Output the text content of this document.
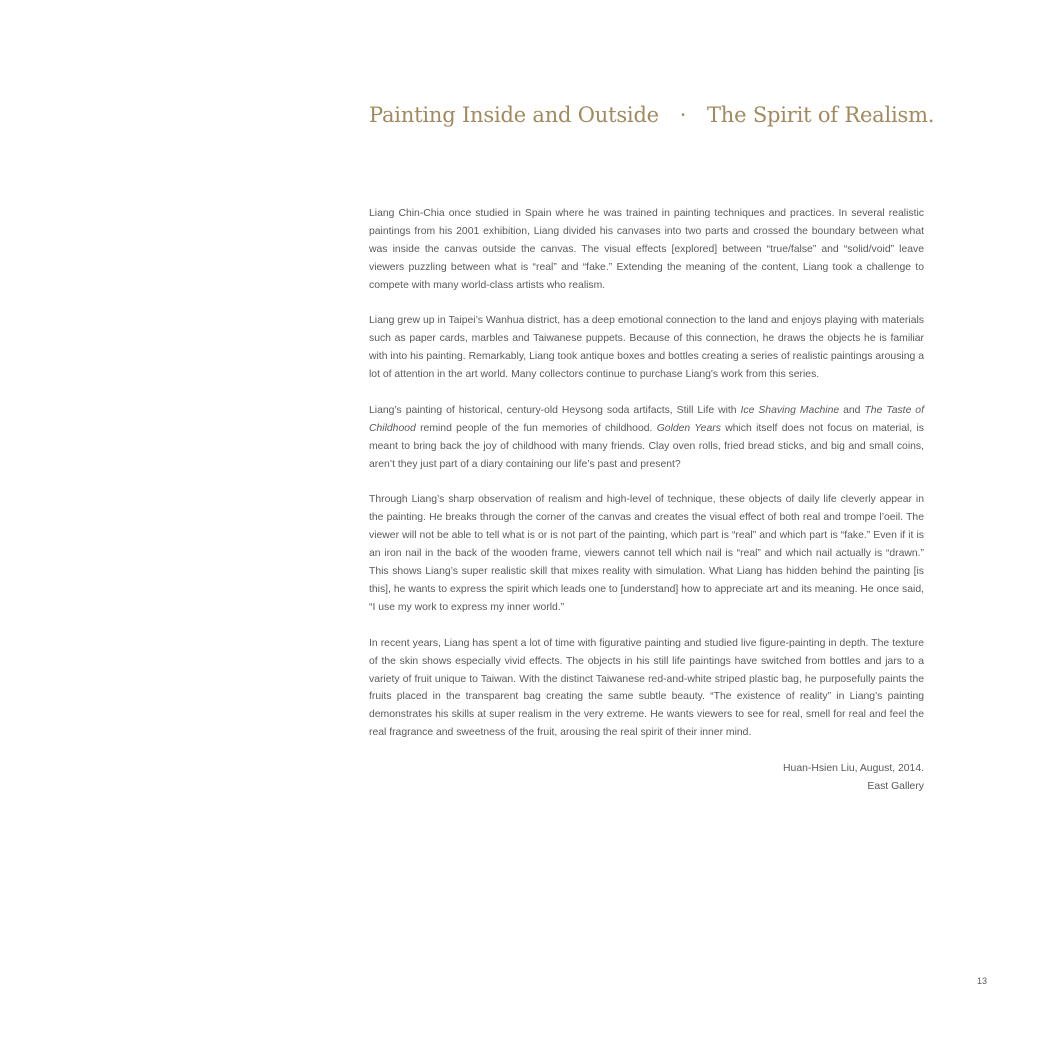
Painting Inside and Outside　·　The Spirit of Realism.

Liang Chin-Chia once studied in Spain where he was trained in painting techniques and practices. In several realistic paintings from his 2001 exhibition, Liang divided his canvases into two parts and crossed the boundary between what was inside the canvas outside the canvas. The visual effects [explored] between “true/false” and “solid/void” leave viewers puzzling between what is “real” and “fake.” Extending the meaning of the content, Liang took a challenge to compete with many world-class artists who realism.

Liang grew up in Taipei’s Wanhua district, has a deep emotional connection to the land and enjoys playing with materials such as paper cards, marbles and Taiwanese puppets. Because of this connection, he draws the objects he is familiar with into his painting. Remarkably, Liang took antique boxes and bottles creating a series of realistic paintings arousing a lot of attention in the art world. Many collectors continue to purchase Liang's work from this series.

Liang’s painting of historical, century-old Heysong soda artifacts, Still Life with Ice Shaving Machine and The Taste of Childhood remind people of the fun memories of childhood. Golden Years which itself does not focus on material, is meant to bring back the joy of childhood with many friends. Clay oven rolls, fried bread sticks, and big and small coins, aren’t they just part of a diary containing our life’s past and present?

Through Liang’s sharp observation of realism and high-level of technique, these objects of daily life cleverly appear in the painting. He breaks through the corner of the canvas and creates the visual effect of both real and trompe l’oeil. The viewer will not be able to tell what is or is not part of the painting, which part is “real” and which part is “fake.” Even if it is an iron nail in the back of the wooden frame, viewers cannot tell which nail is “real” and which nail actually is “drawn.” This shows Liang’s super realistic skill that mixes reality with simulation. What Liang has hidden behind the painting [is this], he wants to express the spirit which leads one to [understand] how to appreciate art and its meaning. He once said, “I use my work to express my inner world.”

In recent years, Liang has spent a lot of time with figurative painting and studied live figure-painting in depth. The texture of the skin shows especially vivid effects. The objects in his still life paintings have switched from bottles and jars to a variety of fruit unique to Taiwan. With the distinct Taiwanese red-and-white striped plastic bag, he purposefully paints the fruits placed in the transparent bag creating the same subtle beauty. “The existence of reality” in Liang’s painting demonstrates his skills at super realism in the very extreme. He wants viewers to see for real, smell for real and feel the real fragrance and sweetness of the fruit, arousing the real spirit of their inner mind.

Huan-Hsien Liu, August, 2014.
East Gallery
13
